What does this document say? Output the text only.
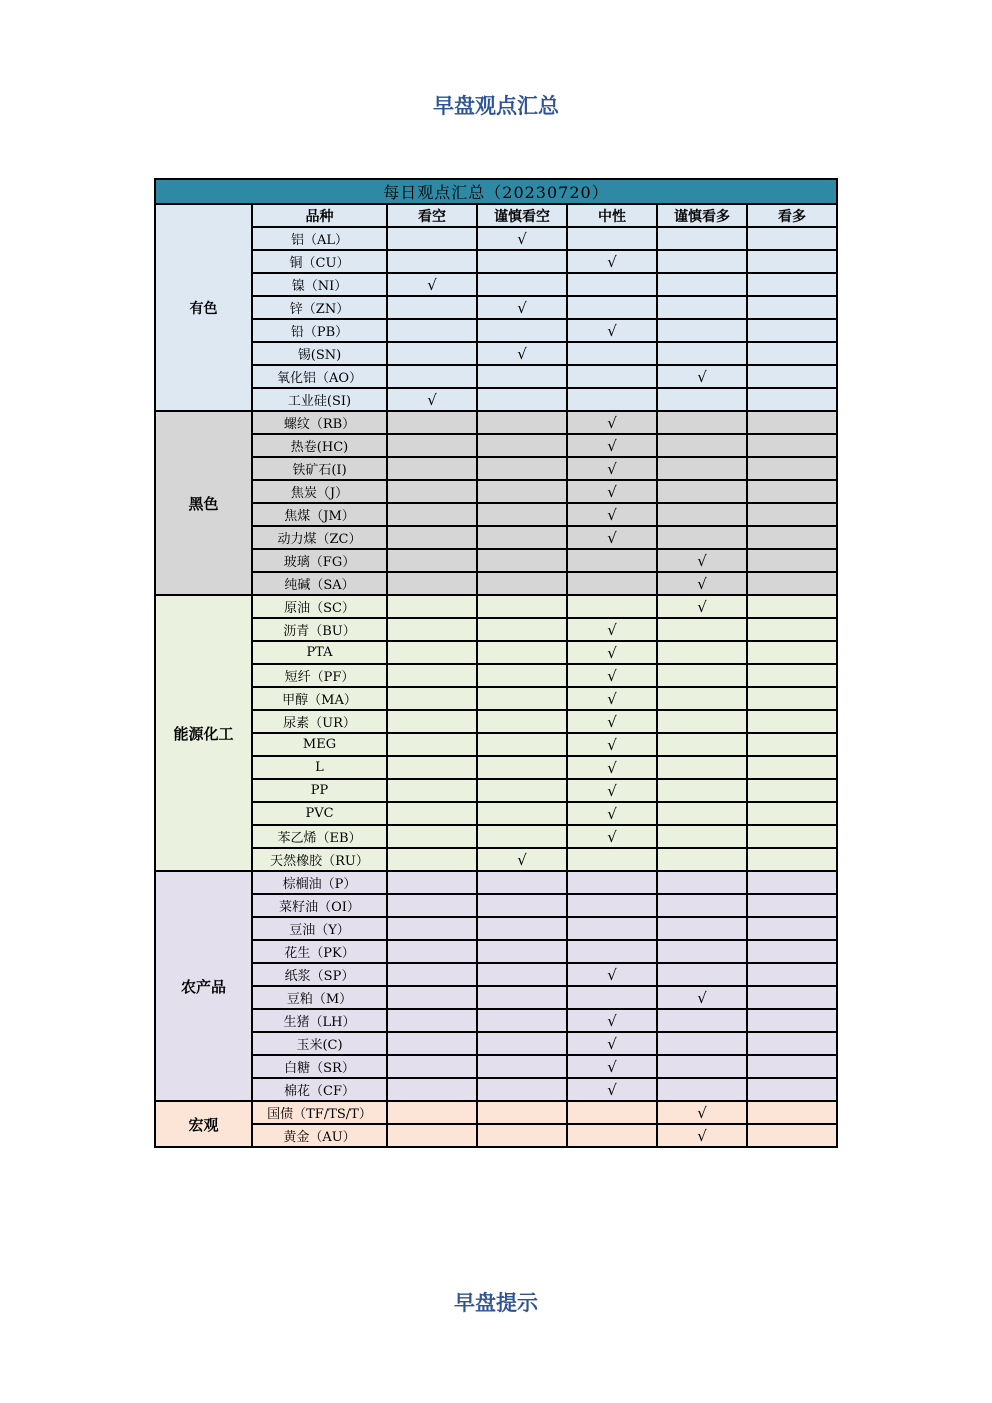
早盘观点汇总
每日观点汇总（20230720）						
有色	品种	看空	谨慎看空	中性	谨慎看多	看多
	铝（AL）		√			
	铜（CU）			√		
	镍（NI）	√				
	锌（ZN）		√			
	铅（PB）			√		
	锡(SN)		√			
	氧化铝（AO）				√	
	工业硅(SI)	√				
黑色	螺纹（RB）			√		
	热卷(HC)			√		
	铁矿石(I)			√		
	焦炭（J）			√		
	焦煤（JM）			√		
	动力煤（ZC）			√		
	玻璃（FG）				√	
	纯碱（SA）				√	
能源化工	原油（SC）				√	
	沥青（BU）			√		
	PTA			√		
	短纤（PF）			√		
	甲醇（MA）			√		
	尿素（UR）			√		
	MEG			√		
	L			√		
	PP			√		
	PVC			√		
	苯乙烯（EB）			√		
	天然橡胶（RU）		√			
农产品	棕榈油（P）					
	菜籽油（OI）					
	豆油（Y）					
	花生（PK）					
	纸浆（SP）			√		
	豆粕（M）				√	
	生猪（LH）			√		
	玉米(C)			√		
	白糖（SR）			√		
	棉花（CF）			√		
宏观	国债（TF/TS/T）				√	
	黄金（AU）				√	
早盘提示
